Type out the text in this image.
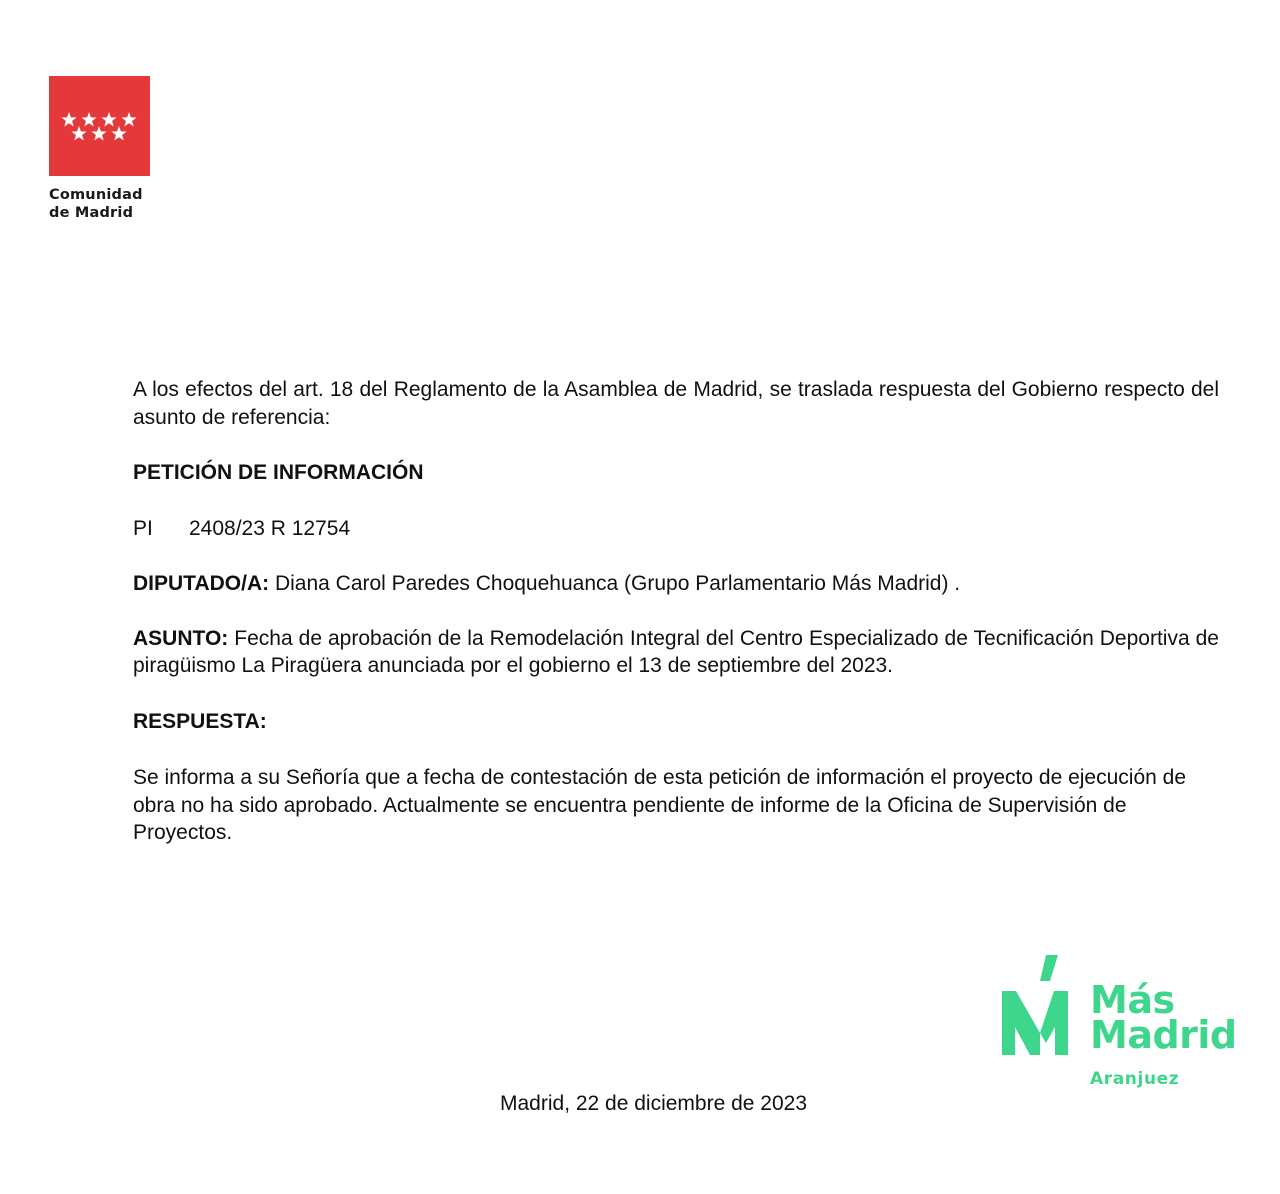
Comunidad
de Madrid

A los efectos del art. 18 del Reglamento de la Asamblea de Madrid, se traslada respuesta del Gobierno respecto del asunto de referencia:

PETICIÓN DE INFORMACIÓN

PI 2408/23 R 12754

DIPUTADO/A: Diana Carol Paredes Choquehuanca (Grupo Parlamentario Más Madrid) .

ASUNTO: Fecha de aprobación de la Remodelación Integral del Centro Especializado de Tecnificación Deportiva de piragüismo La Piragüera anunciada por el gobierno el 13 de septiembre del 2023.

RESPUESTA:

Se informa a su Señoría que a fecha de contestación de esta petición de información el proyecto de ejecución de obra no ha sido aprobado. Actualmente se encuentra pendiente de informe de la Oficina de Supervisión de Proyectos.

Más
Madrid
Aranjuez
Madrid, 22 de diciembre de 2023
